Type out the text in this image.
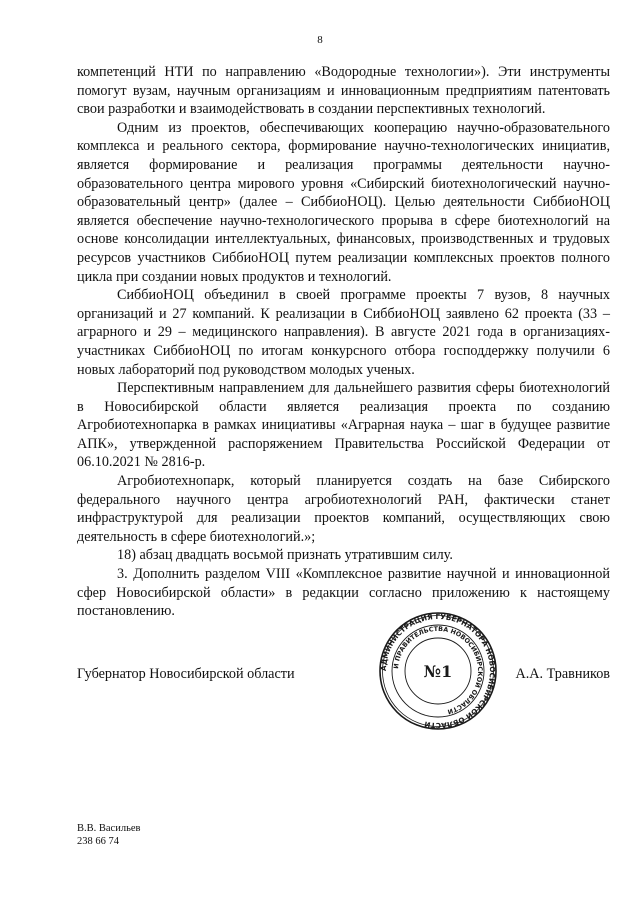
8

компетенций НТИ по направлению «Водородные технологии»). Эти инструменты помогут вузам, научным организациям и инновационным предприятиям патентовать свои разработки и взаимодействовать в создании перспективных технологий.

Одним из проектов, обеспечивающих кооперацию научно-образовательного комплекса и реального сектора, формирование научно-технологических инициатив, является формирование и реализация программы деятельности научно-образовательного центра мирового уровня «Сибирский биотехнологический научно-образовательный центр» (далее – СиббиоНОЦ). Целью деятельности СиббиоНОЦ является обеспечение научно-технологического прорыва в сфере биотехнологий на основе консолидации интеллектуальных, финансовых, производственных и трудовых ресурсов участников СиббиоНОЦ путем реализации комплексных проектов полного цикла при создании новых продуктов и технологий.

СиббиоНОЦ объединил в своей программе проекты 7 вузов, 8 научных организаций и 27 компаний. К реализации в СиббиоНОЦ заявлено 62 проекта (33 – аграрного и 29 – медицинского направления). В августе 2021 года в организациях-участниках СиббиоНОЦ по итогам конкурсного отбора господдержку получили 6 новых лабораторий под руководством молодых ученых.

Перспективным направлением для дальнейшего развития сферы биотехнологий в Новосибирской области является реализация проекта по созданию Агробиотехнопарка в рамках инициативы «Аграрная наука – шаг в будущее развитие АПК», утвержденной распоряжением Правительства Российской Федерации от 06.10.2021 № 2816-р.

Агробиотехнопарк, который планируется создать на базе Сибирского федерального научного центра агробиотехнологий РАН, фактически станет инфраструктурой для реализации проектов компаний, осуществляющих свою деятельность в сфере биотехнологий.»;

18) абзац двадцать восьмой признать утратившим силу.

3. Дополнить разделом VIII «Комплексное развитие научной и инновационной сфер Новосибирской области» в редакции согласно приложению к настоящему постановлению.

Губернатор Новосибирской области	А.А. Травников
АДМИНИСТРАЦИЯ ГУБЕРНАТОРА НОВОСИБИРСКОЙ ОБЛАСТИ
И ПРАВИТЕЛЬСТВА НОВОСИБИРСКОЙ ОБЛАСТИ
№1
В.В. Васильев
238 66 74
